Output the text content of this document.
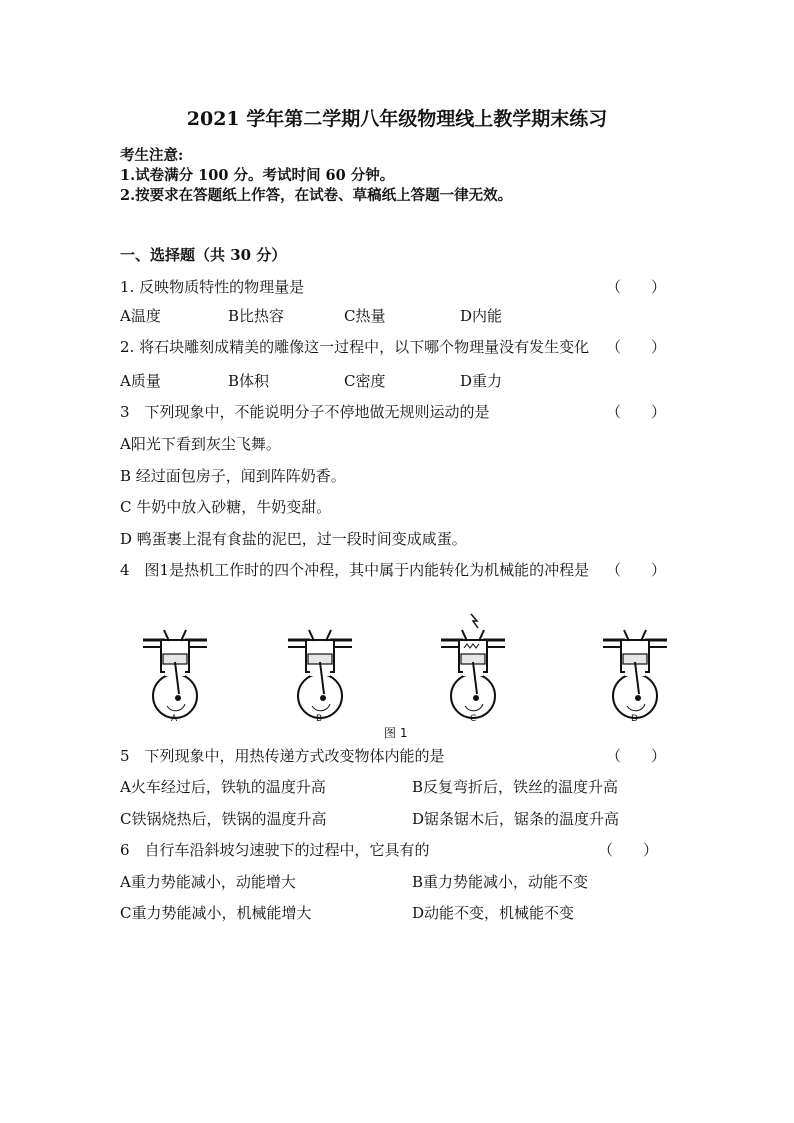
2021 学年第二学期八年级物理线上教学期末练习
考生注意:
1.试卷满分 100 分。考试时间 60 分钟。
2.按要求在答题纸上作答，在试卷、草稿纸上答题一律无效。
一、选择题（共 30 分）
1. 反映物质特性的物理量是	（　　）
A温度	B比热容	C热量	D内能
2. 将石块雕刻成精美的雕像这一过程中，以下哪个物理量没有发生变化 （　　）
A质量	B体积	C密度	D重力
3　下列现象中，不能说明分子不停地做无规则运动的是	（　　）
A阳光下看到灰尘飞舞。
B 经过面包房子，闻到阵阵奶香。
C 牛奶中放入砂糖，牛奶变甜。
D 鸭蛋裹上混有食盐的泥巴，过一段时间变成咸蛋。
4　图1是热机工作时的四个冲程，其中属于内能转化为机械能的冲程是 （　　）
A	B	C	D
图 1
5　下列现象中，用热传递方式改变物体内能的是	（　　）
A火车经过后，铁轨的温度升高	B反复弯折后，铁丝的温度升高
C铁锅烧热后，铁锅的温度升高	D锯条锯木后，锯条的温度升高
6　自行车沿斜坡匀速驶下的过程中，它具有的	（　　）
A重力势能减小，动能增大	B重力势能减小，动能不变
C重力势能减小，机械能增大	D动能不变，机械能不变
